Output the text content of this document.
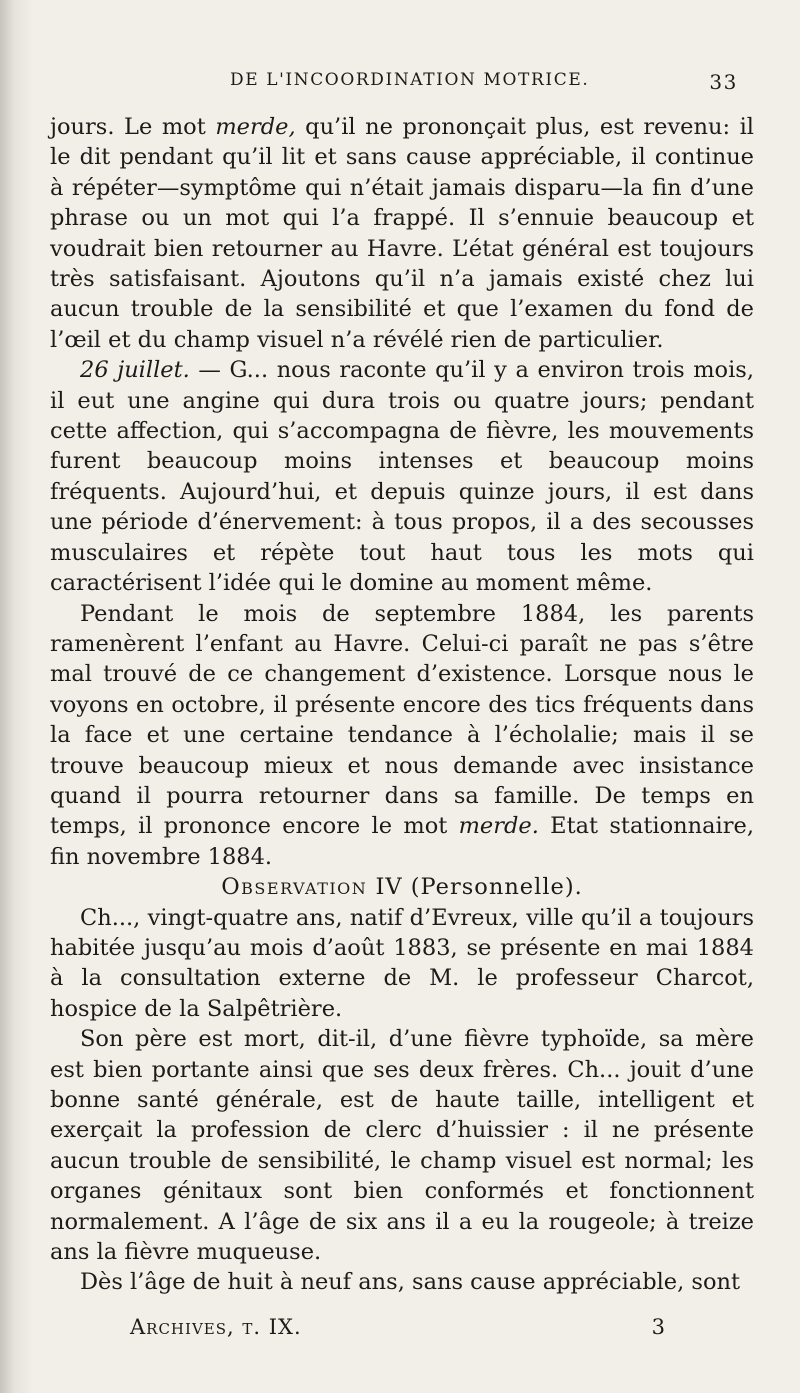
DE L'INCOORDINATION MOTRICE.	33

jours. Le mot merde, qu’il ne prononçait plus, est revenu: il le dit pendant qu’il lit et sans cause appréciable, il continue à répéter—symptôme qui n’était jamais disparu—la fin d’une phrase ou un mot qui l’a frappé. Il s’ennuie beaucoup et voudrait bien retourner au Havre. L’état général est toujours très satisfaisant. Ajoutons qu’il n’a jamais existé chez lui aucun trouble de la sensibilité et que l’examen du fond de l’œil et du champ visuel n’a révélé rien de particulier.

26 juillet. — G... nous raconte qu’il y a environ trois mois, il eut une angine qui dura trois ou quatre jours; pendant cette affection, qui s’accompagna de fièvre, les mouvements furent beaucoup moins intenses et beaucoup moins fréquents. Aujourd’hui, et depuis quinze jours, il est dans une période d’énervement: à tous propos, il a des secousses musculaires et répète tout haut tous les mots qui caractérisent l’idée qui le domine au moment même.

Pendant le mois de septembre 1884, les parents ramenèrent l’enfant au Havre. Celui-ci paraît ne pas s’être mal trouvé de ce changement d’existence. Lorsque nous le voyons en octobre, il présente encore des tics fréquents dans la face et une certaine tendance à l’écholalie; mais il se trouve beaucoup mieux et nous demande avec insistance quand il pourra retourner dans sa famille. De temps en temps, il prononce encore le mot merde. Etat stationnaire, fin novembre 1884.

Observation IV (Personnelle).

Ch..., vingt-quatre ans, natif d’Evreux, ville qu’il a toujours habitée jusqu’au mois d’août 1883, se présente en mai 1884 à la consultation externe de M. le professeur Charcot, hospice de la Salpêtrière.

Son père est mort, dit-il, d’une fièvre typhoïde, sa mère est bien portante ainsi que ses deux frères. Ch... jouit d’une bonne santé générale, est de haute taille, intelligent et exerçait la profession de clerc d’huissier : il ne présente aucun trouble de sensibilité, le champ visuel est normal; les organes génitaux sont bien conformés et fonctionnent normalement. A l’âge de six ans il a eu la rougeole; à treize ans la fièvre muqueuse.

Dès l’âge de huit à neuf ans, sans cause appréciable, sont

Archives, t. IX.	3
